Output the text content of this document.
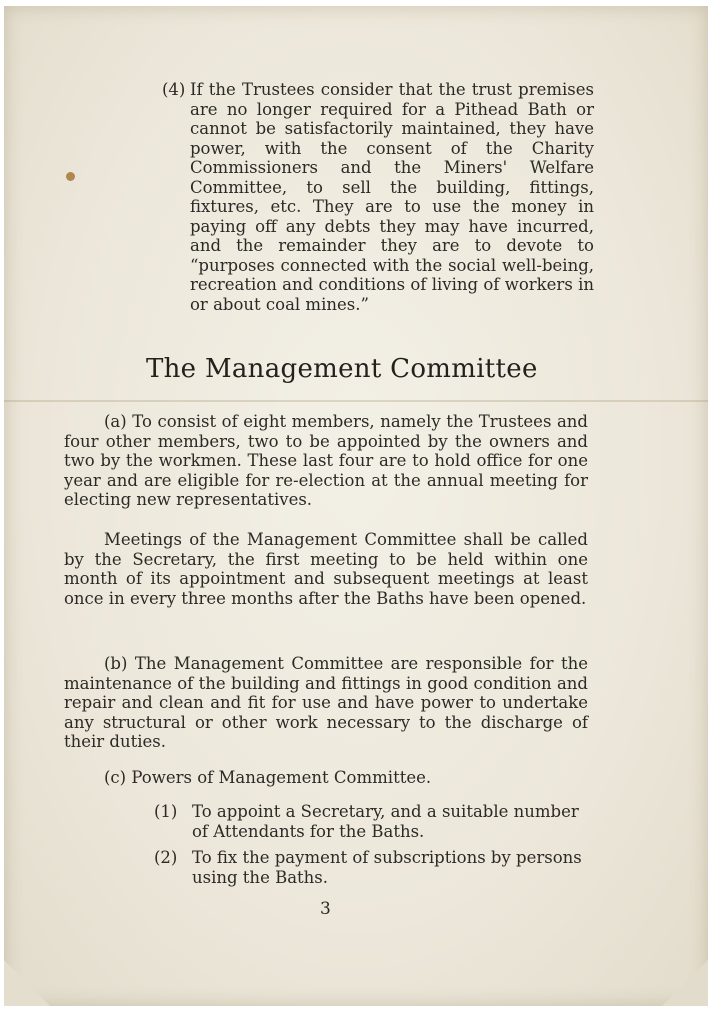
(4) If the Trustees consider that the trust premises are no longer required for a Pithead Bath or cannot be satisfactorily maintained, they have power, with the consent of the Charity Commissioners and the Miners' Welfare Committee, to sell the building, fittings, fixtures, etc. They are to use the money in paying off any debts they may have incurred, and the remainder they are to devote to “purposes connected with the social well-being, recreation and conditions of living of workers in or about coal mines.”

The Management Committee

(a) To consist of eight members, namely the Trustees and four other members, two to be appointed by the owners and two by the workmen. These last four are to hold office for one year and are eligible for re-election at the annual meeting for electing new representatives.

Meetings of the Management Committee shall be called by the Secretary, the first meeting to be held within one month of its appointment and subsequent meetings at least once in every three months after the Baths have been opened.

(b) The Management Committee are responsible for the maintenance of the building and fittings in good condition and repair and clean and fit for use and have power to undertake any structural or other work necessary to the discharge of their duties.

(c) Powers of Management Committee.

(1) To appoint a Secretary, and a suitable number of Attendants for the Baths.
(2) To fix the payment of subscriptions by persons using the Baths.
3
